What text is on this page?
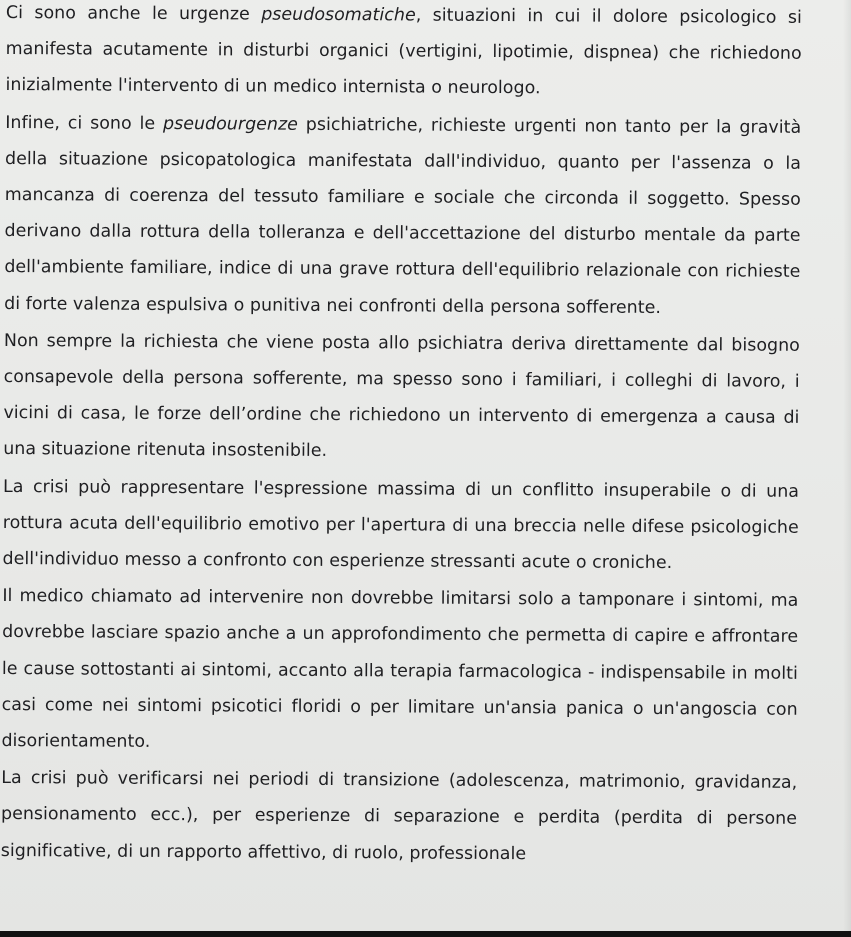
Ci sono anche le urgenze pseudosomatiche, situazioni in cui il dolore psicologico si manifesta acutamente in disturbi organici (vertigini, lipotimie, dispnea) che richiedono inizialmente l'intervento di un medico internista o neurologo.

Infine, ci sono le pseudourgenze psichiatriche, richieste urgenti non tanto per la gravità della situazione psicopatologica manifestata dall'individuo, quanto per l'assenza o la mancanza di coerenza del tessuto familiare e sociale che circonda il soggetto. Spesso derivano dalla rottura della tolleranza e dell'accettazione del disturbo mentale da parte dell'ambiente familiare, indice di una grave rottura dell'equilibrio relazionale con richieste di forte valenza espulsiva o punitiva nei confronti della persona sofferente.

Non sempre la richiesta che viene posta allo psichiatra deriva direttamente dal bisogno consapevole della persona sofferente, ma spesso sono i familiari, i colleghi di lavoro, i vicini di casa, le forze dell’ordine che richiedono un intervento di emergenza a causa di una situazione ritenuta insostenibile.

La crisi può rappresentare l'espressione massima di un conflitto insuperabile o di una rottura acuta dell'equilibrio emotivo per l'apertura di una breccia nelle difese psicologiche dell'individuo messo a confronto con esperienze stressanti acute o croniche.

Il medico chiamato ad intervenire non dovrebbe limitarsi solo a tamponare i sintomi, ma dovrebbe lasciare spazio anche a un approfondimento che permetta di capire e affrontare le cause sottostanti ai sintomi, accanto alla terapia farmacologica - indispensabile in molti casi come nei sintomi psicotici floridi o per limitare un'ansia panica o un'angoscia con disorientamento.

La crisi può verificarsi nei periodi di transizione (adolescenza, matrimonio, gravidanza, pensionamento ecc.), per esperienze di separazione e perdita (perdita di persone significative, di un rapporto affettivo, di ruolo, professionale
